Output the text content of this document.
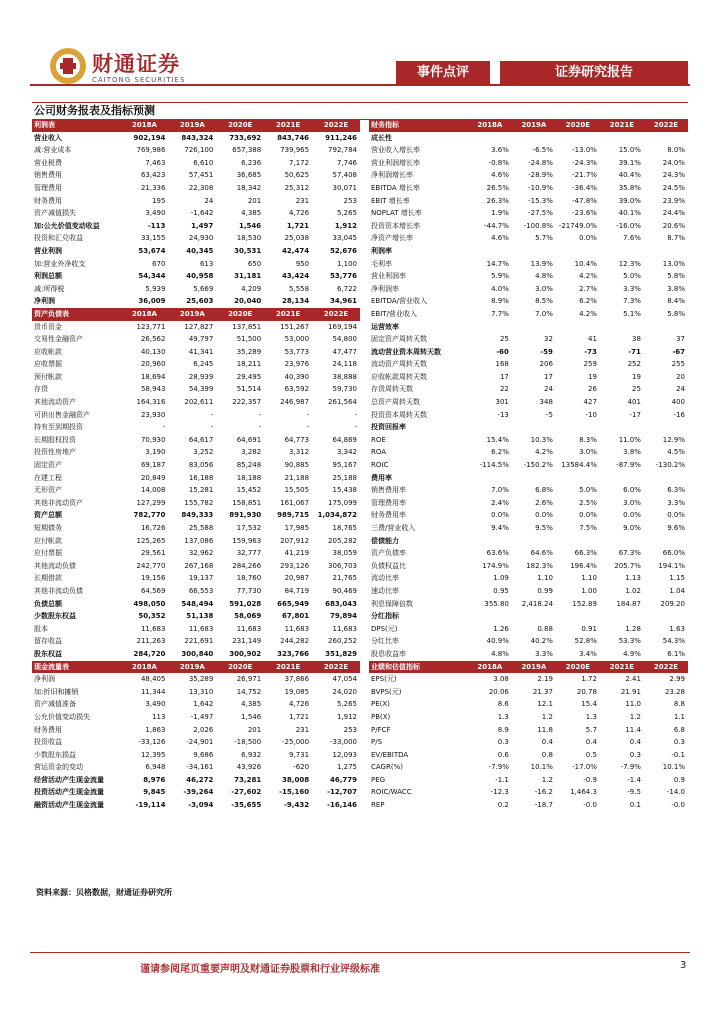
财通证券
CAITONG SECURITIES	事件点评	证券研究报告
公司财务报表及指标预测
利润表	2018A	2019A	2020E	2021E	2022E
营业收入	902,194	843,324	733,692	843,746	911,246
减:营业成本	769,986	726,100	657,388	739,965	792,784
营业税费	7,463	6,610	6,236	7,172	7,746
销售费用	63,423	57,451	36,685	50,625	57,408
管理费用	21,336	22,308	18,342	25,312	30,071
财务费用	195	24	201	231	253
资产减值损失	3,490	-1,642	4,385	4,726	5,265
加:公允价值变动收益	-113	1,497	1,546	1,721	1,912
投资和汇兑收益	33,155	24,930	18,530	25,038	33,045
营业利润	53,674	40,345	30,531	42,474	52,676
加:营业外净收支	670	613	650	950	1,100
利润总额	54,344	40,958	31,181	43,424	53,776
减:所得税	5,939	5,669	4,209	5,558	6,722
净利润	36,009	25,603	20,040	28,134	34,961
资产负债表	2018A	2019A	2020E	2021E	2022E
货币资金	123,771	127,827	137,851	151,267	169,194
交易性金融资产	26,562	49,797	51,500	53,000	54,800
应收帐款	40,130	41,341	35,289	53,773	47,477
应收票据	20,960	6,245	18,211	23,976	24,118
预付帐款	18,694	28,939	29,495	40,390	38,888
存货	58,943	54,399	51,514	63,592	59,730
其他流动资产	164,316	202,611	222,357	246,987	261,564
可供出售金融资产	23,930	-	-	-	-
持有至到期投资	-	-	-	-	-
长期股权投资	70,930	64,617	64,691	64,773	64,869
投资性房地产	3,190	3,252	3,282	3,312	3,342
固定资产	69,187	83,056	85,248	90,885	95,167
在建工程	20,849	16,188	18,188	21,188	25,188
无形资产	14,008	15,281	15,452	15,505	15,438
其他非流动资产	127,299	155,782	158,851	161,067	175,099
资产总额	782,770	849,333	891,930	989,715	1,034,872
短期债务	16,726	25,588	17,532	17,985	18,765
应付帐款	125,265	137,086	159,963	207,912	205,282
应付票据	29,561	32,962	32,777	41,219	38,059
其他流动负债	242,770	267,168	284,266	293,126	306,703
长期借款	19,156	19,137	18,760	20,987	21,765
其他非流动负债	64,569	66,553	77,730	84,719	90,469
负债总额	498,050	548,494	591,028	665,949	683,043
少数股东权益	50,352	51,138	58,069	67,801	79,894
股本	11,683	11,683	11,683	11,683	11,683
留存收益	211,263	221,691	231,149	244,282	260,252
股东权益	284,720	300,840	300,902	323,766	351,829
现金流量表	2018A	2019A	2020E	2021E	2022E
净利润	48,405	35,289	26,971	37,866	47,054
加:折旧和摊销	11,344	13,310	14,752	19,085	24,020
资产减值准备	3,490	1,642	4,385	4,726	5,265
公允价值变动损失	113	-1,497	1,546	1,721	1,912
财务费用	1,863	2,026	201	231	253
投资收益	-33,126	-24,901	-18,500	-25,000	-33,000
少数股东损益	12,395	9,686	6,932	9,731	12,093
营运资金的变动	6,948	-34,161	43,926	-620	1,275
经营活动产生现金流量	8,976	46,272	73,281	38,008	46,779
投资活动产生现金流量	9,845	-39,264	-27,602	-15,160	-12,707
融资活动产生现金流量	-19,114	-3,094	-35,655	-9,432	-16,146
财务指标	2018A	2019A	2020E	2021E	2022E
成长性					
营业收入增长率	3.6%	-6.5%	-13.0%	15.0%	8.0%
营业利润增长率	-0.8%	-24.8%	-24.3%	39.1%	24.0%
净利润增长率	4.6%	-28.9%	-21.7%	40.4%	24.3%
EBITDA 增长率	26.5%	-10.9%	-36.4%	35.8%	24.5%
EBIT 增长率	26.3%	-15.3%	-47.8%	39.0%	23.9%
NOPLAT 增长率	1.9%	-27.5%	-23.6%	40.1%	24.4%
投资资本增长率	-44.7%	-100.8%	-21749.0%	-16.0%	20.6%
净资产增长率	4.6%	5.7%	0.0%	7.6%	8.7%
利润率					
毛利率	14.7%	13.9%	10.4%	12.3%	13.0%
营业利润率	5.9%	4.8%	4.2%	5.0%	5.8%
净利润率	4.0%	3.0%	2.7%	3.3%	3.8%
EBITDA/营业收入	8.9%	8.5%	6.2%	7.3%	8.4%
EBIT/营业收入	7.7%	7.0%	4.2%	5.1%	5.8%
运营效率					
固定资产周转天数	25	32	41	38	37
流动营业资本周转天数	-60	-59	-73	-71	-67
流动资产周转天数	168	206	259	252	255
应收帐款周转天数	17	17	19	19	20
存货周转天数	22	24	26	25	24
总资产周转天数	301	348	427	401	400
投资资本周转天数	-13	-5	-10	-17	-16
投资回报率					
ROE	15.4%	10.3%	8.3%	11.0%	12.9%
ROA	6.2%	4.2%	3.0%	3.8%	4.5%
ROIC	-114.5%	-150.2%	13584.4%	-87.9%	-130.2%
费用率					
销售费用率	7.0%	6.8%	5.0%	6.0%	6.3%
管理费用率	2.4%	2.6%	2.5%	3.0%	3.3%
财务费用率	0.0%	0.0%	0.0%	0.0%	0.0%
三费/营业收入	9.4%	9.5%	7.5%	9.0%	9.6%
偿债能力					
资产负债率	63.6%	64.6%	66.3%	67.3%	66.0%
负债权益比	174.9%	182.3%	196.4%	205.7%	194.1%
流动比率	1.09	1.10	1.10	1.13	1.15
速动比率	0.95	0.99	1.00	1.02	1.04
利息保障倍数	355.80	2,418.24	152.89	184.87	209.20
分红指标					
DPS(元)	1.26	0.88	0.91	1.28	1.63
分红比率	40.9%	40.2%	52.8%	53.3%	54.3%
股息收益率	4.8%	3.3%	3.4%	4.9%	6.1%
业绩和估值指标	2018A	2019A	2020E	2021E	2022E
EPS(元)	3.08	2.19	1.72	2.41	2.99
BVPS(元)	20.06	21.37	20.78	21.91	23.28
PE(X)	8.6	12.1	15.4	11.0	8.8
PB(X)	1.3	1.2	1.3	1.2	1.1
P/FCF	8.9	11.8	5.7	11.4	6.8
P/S	0.3	0.4	0.4	0.4	0.3
EV/EBITDA	0.6	0.8	0.5	0.3	-0.1
CAGR(%)	-7.9%	10.1%	-17.0%	-7.9%	10.1%
PEG	-1.1	1.2	-0.9	-1.4	0.9
ROIC/WACC	-12.3	-16.2	1,464.3	-9.5	-14.0
REP	0.2	-18.7	-0.0	0.1	-0.0
资料来源：贝格数据，财通证券研究所
谨请参阅尾页重要声明及财通证券股票和行业评级标准	3
